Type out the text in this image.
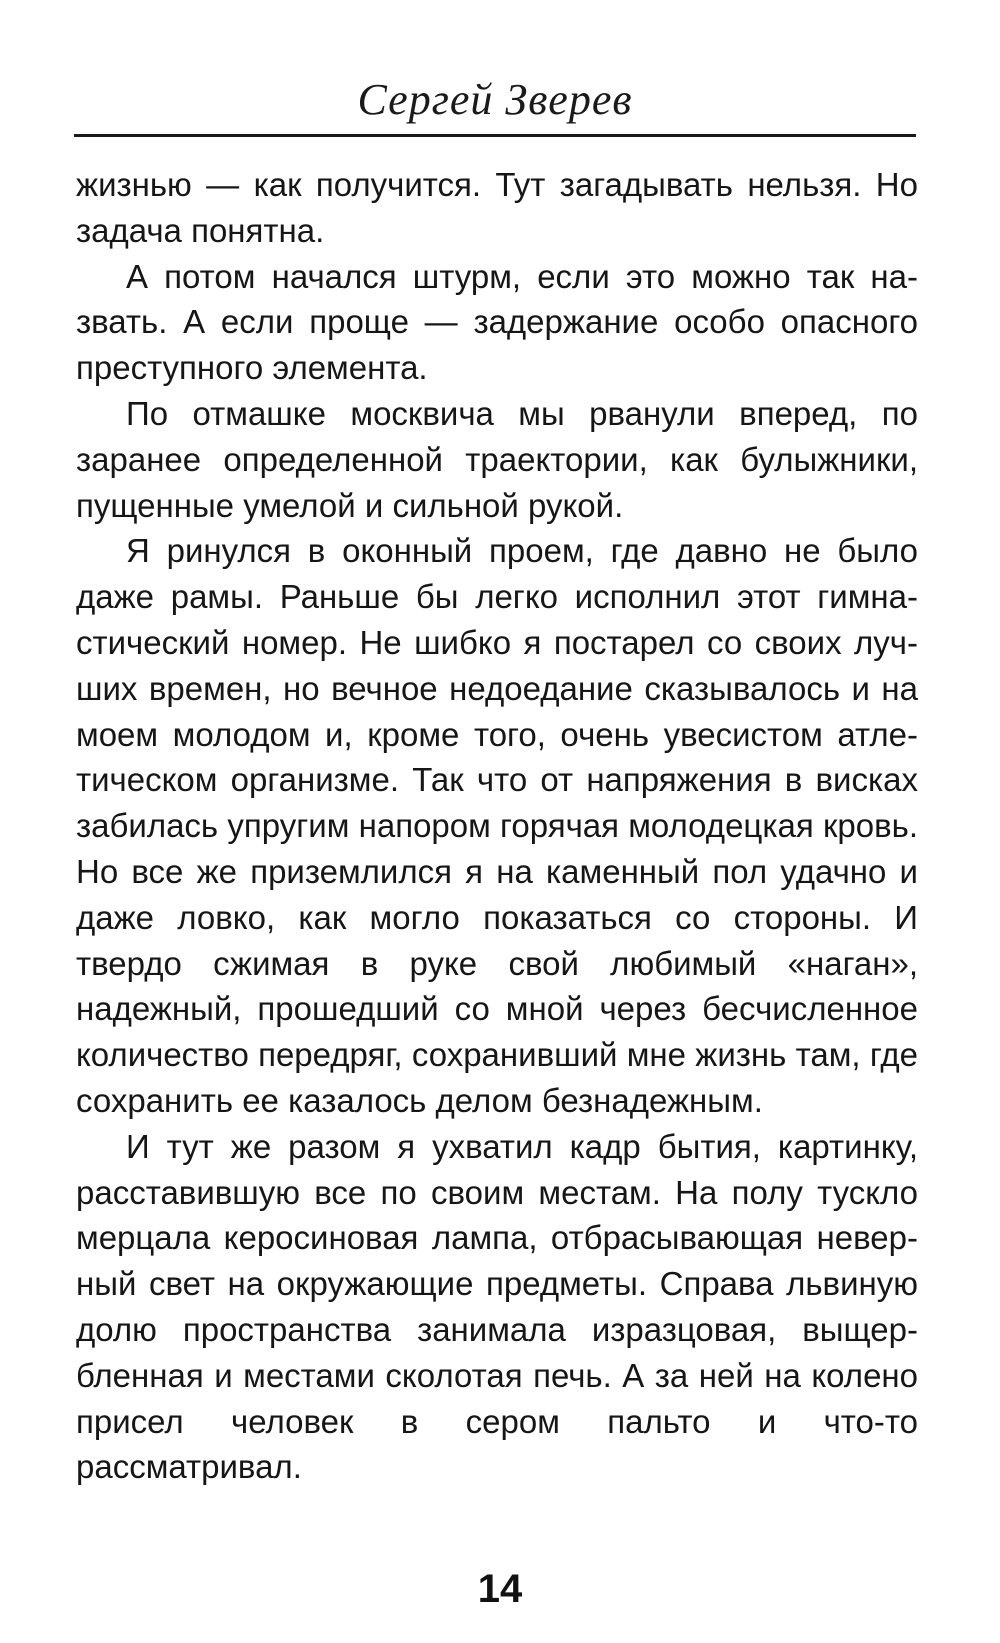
Сергей Зверев

жизнью — как получится. Тут загадывать нельзя. Но задача понятна.

А потом начался штурм, если это можно так назвать. А если проще — задержание особо опасного преступного элемента.

По отмашке москвича мы рванули вперед, по заранее определенной траектории, как булыжники, пущенные умелой и сильной рукой.

Я ринулся в оконный проем, где давно не было даже рамы. Раньше бы легко исполнил этот гимнастический номер. Не шибко я постарел со своих лучших времен, но вечное недоедание сказывалось и на моем молодом и, кроме того, очень увесистом атлетическом организме. Так что от напряжения в висках забилась упругим напором горячая молодецкая кровь. Но все же приземлился я на каменный пол удачно и даже ловко, как могло показаться со стороны. И твердо сжимая в руке свой любимый «наган», надежный, прошедший со мной через бесчисленное количество передряг, сохранивший мне жизнь там, где сохранить ее казалось делом безнадежным.

И тут же разом я ухватил кадр бытия, картинку, расставившую все по своим местам. На полу тускло мерцала керосиновая лампа, отбрасывающая неверный свет на окружающие предметы. Справа львиную долю пространства занимала изразцовая, выщербленная и местами сколотая печь. А за ней на колено присел человек в сером пальто и что-то рассматривал.

14
